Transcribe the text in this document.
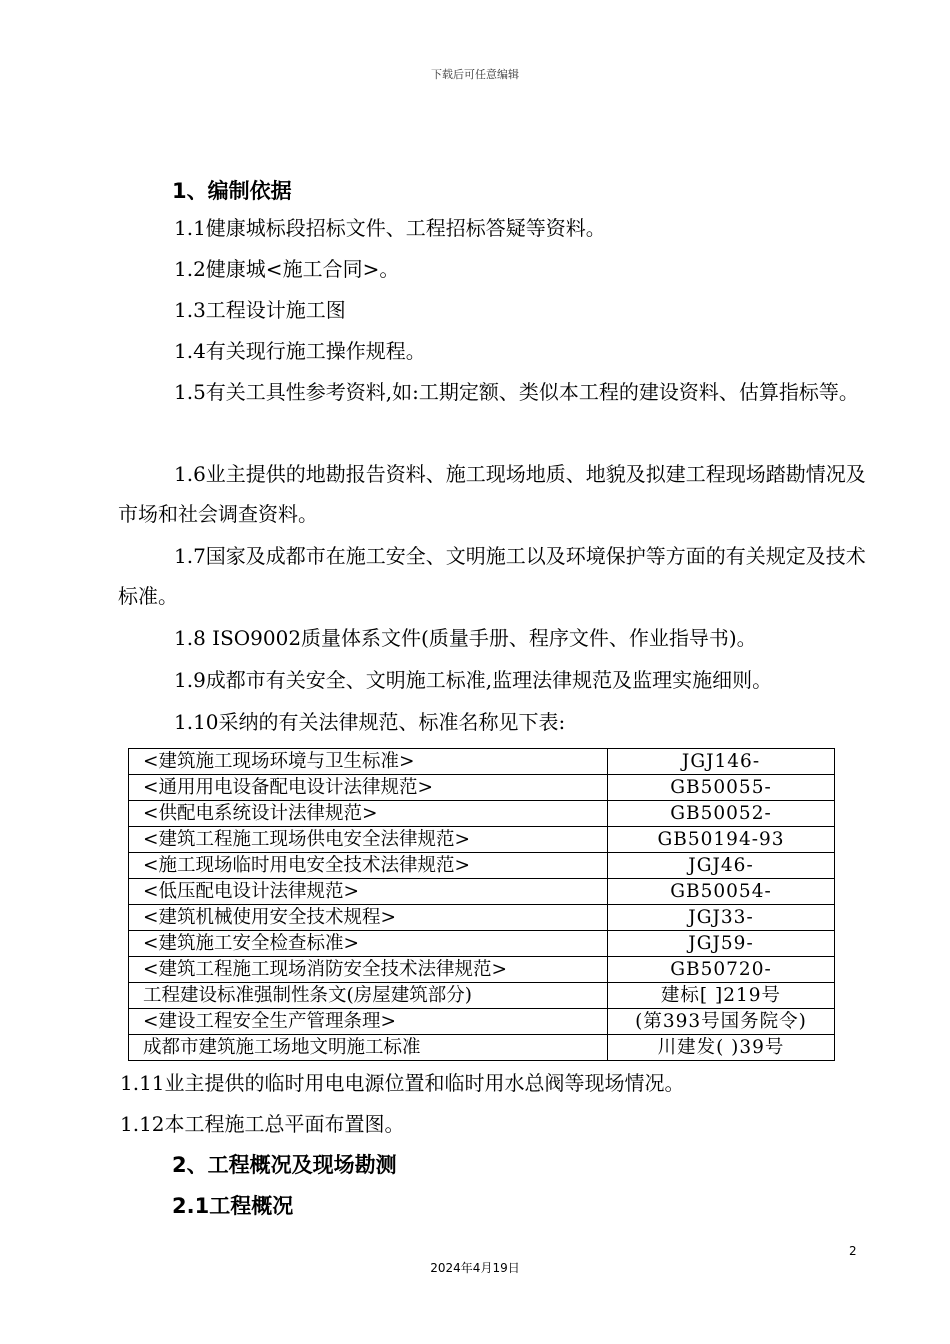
下载后可任意编辑
1、编制依据

1.1健康城标段招标文件、工程招标答疑等资料。

1.2健康城<施工合同>。

1.3工程设计施工图

1.4有关现行施工操作规程。

1.5有关工具性参考资料,如:工期定额、类似本工程的建设资料、估算指标等。

1.6业主提供的地勘报告资料、施工现场地质、地貌及拟建工程现场踏勘情况及市场和社会调查资料。

1.7国家及成都市在施工安全、文明施工以及环境保护等方面的有关规定及技术标准。

1.8 ISO9002质量体系文件(质量手册、程序文件、作业指导书)。

1.9成都市有关安全、文明施工标准,监理法律规范及监理实施细则。

1.10采纳的有关法律规范、标准名称见下表:

<建筑施工现场环境与卫生标准>	JGJ146-
<通用用电设备配电设计法律规范>	GB50055-
<供配电系统设计法律规范>	GB50052-
<建筑工程施工现场供电安全法律规范>	GB50194-93
<施工现场临时用电安全技术法律规范>	JGJ46-
<低压配电设计法律规范>	GB50054-
<建筑机械使用安全技术规程>	JGJ33-
<建筑施工安全检查标准>	JGJ59-
<建筑工程施工现场消防安全技术法律规范>	GB50720-
工程建设标准强制性条文(房屋建筑部分)	建标[ ]219号
<建设工程安全生产管理条理>	(第393号国务院令)
成都市建筑施工场地文明施工标准	川建发( )39号
1.11业主提供的临时用电电源位置和临时用水总阀等现场情况。
1.12本工程施工总平面布置图。
2、工程概况及现场勘测
2.1工程概况
2
2024年4月19日
